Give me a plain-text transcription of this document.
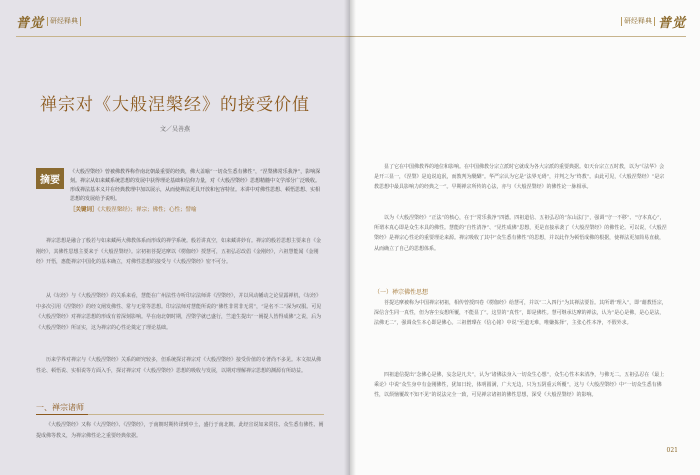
普觉 研经释典
禅宗对《大般涅槃经》的接受价值
文／吴善燕
摘要
《大般涅槃经》曾被佛教界称作南北朝最重要的经典，佛大盖喻“一切众生悉有佛性”，“涅槃佛常乐我净”，影响深刻。禅宗从如来藏系统思想的发展中获得理论基础和信仰力量，对《大般涅槃经》思想精髓中文学部分广泛吸收。形成禅法基本义并在经典教理中加以展示，从而使禅法更具开放和包容特征。本讲中对佛性思想、顿悟思想、实相思想的发展给予说明。
［关键词］《大般涅槃经》；禅宗；佛性；心性；譬喻

禅宗思想是融合了般若与如来藏两大佛教体系而形成的禅学系统。般若讲真空，如来藏讲妙有。禅宗的般若思想主要来自《金刚经》，其佛性思想主要来于《大般涅槃经》。宗初祖菩提达摩以《楞伽经》授慧可，五祖弘忍改倡《金刚经》，六祖慧能闻《金刚经》开悟，惠能禅宗中国化的基本确立，对佛性思想的接受与《大般涅槃经》密不可分。

从《坛经》与《大般涅槃经》的关系来看，慧能在广州法性寺听印宗法师讲《涅槃经》，并以风动幡动之论显露禅机，《坛经》中多次引用《涅槃经》的经文阐发佛性、常与无常等思想。印宗法师对慧能所说的“佛性非常非无常”，“是名不二”深为叹服。可见《大般涅槃经》对禅宗思想的形成有着深刻影响。早在南北朝时期，涅槃学就已盛行，竺道生提出“一阐提人皆得成佛”之说，后为《大般涅槃经》所证实，这为禅宗的心性论奠定了理论基础。

历来学界对禅宗与《大般涅槃经》关系的研究较多，但系统探讨禅宗对《大般涅槃经》接受价值的专著尚不多见。本文拟从佛性论、顿悟说、实相说等方面入手，探讨禅宗对《大般涅槃经》思想的吸收与发展，以期对理解禅宗思想的渊源有所助益。

一、禅宗诸师

《大般涅槃经》又称《大涅槃经》、《涅槃经》，于南朝时期传译到中土，盛行于南北朝。此经宣说如来常住、众生悉有佛性、阐提成佛等教义，为禅宗佛性论之重要经典依据。

研经释典 普觉

显了它在中国佛教界的地位和影响。在中国佛教分宗立派时它就成为各大宗派的重要典据。如天台宗立五时教，以为“《法华》会是开三显一，《涅槃》是追说追泯，而教判为醍醐”。华严宗认为它是“法界无碍”，并判之为“终教”。由此可见，《大般涅槃经》“是宗教思想中最具影响力的经典之一”。早期禅宗所传的心法，亦与《大般涅槃经》的佛性论一脉相承。

以为《大般涅槃经》“正法”的核心，在于“常乐我净”四德。四祖道信、五祖弘忍的“东山法门”，强调“守一不移”、“守本真心”，所谓本真心即是众生本具的佛性。慧能的“自性清净”、“见性成佛”思想，更是直接承袭了《大般涅槃经》的佛性论。可以说，《大般涅槃经》是禅宗心性论的重要理论来源。禅宗吸收了其中“众生悉有佛性”的思想，并以此作为顿悟成佛的根据，使禅法更加简易直截，从而确立了自己的思想体系。

（一）禅宗佛性思想

菩提达摩被称为中国禅宗初祖，相传曾授四卷《楞伽经》给慧可，并以“二入四行”为其禅法要旨。其所谓“理入”，即“藉教悟宗，深信含生同一真性，但为客尘妄想所覆，不能显了”。这里的“真性”，即是佛性。慧可继承达摩的禅法，认为“是心是佛，是心是法，法佛无二”，强调众生本心即是佛心。三祖僧璨在《信心铭》中说“至道无难，唯嫌拣择”，主张心性本净，不假外求。

四祖道信提出“念佛心是佛，妄念是凡夫”，认为“诸佛法身入一切众生心想”，众生心性本来清净，与佛无二。五祖弘忍在《最上乘论》中说“众生身中有金刚佛性，犹如日轮，体明圆满，广大无边，只为五阴重云所覆”，这与《大般涅槃经》中“一切众生悉有佛性，以烦恼覆故不知不见”的说法完全一致，可见禅宗诸祖的佛性思想，深受《大般涅槃经》的影响。

021
